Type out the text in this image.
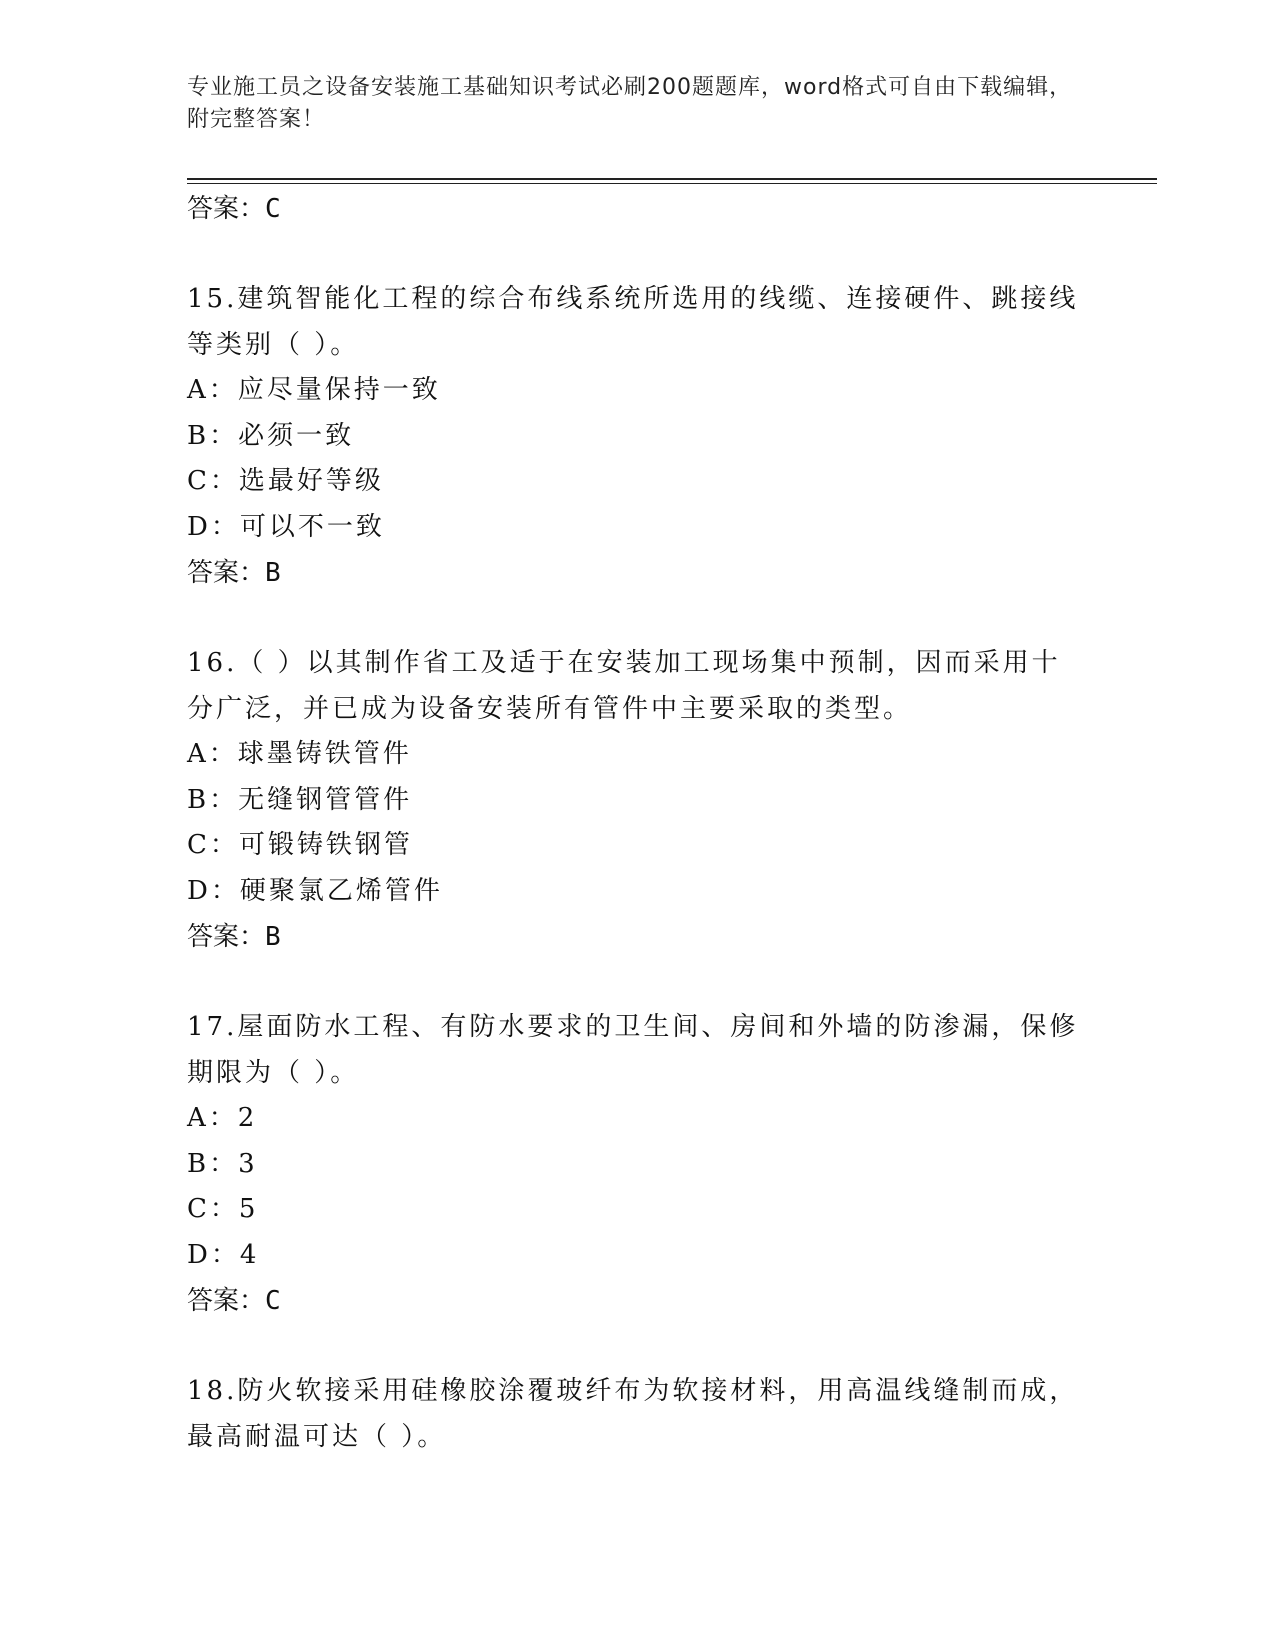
专业施工员之设备安装施工基础知识考试必刷200题题库，word格式可自由下载编辑，附完整答案！

答案：C

15.建筑智能化工程的综合布线系统所选用的线缆、连接硬件、跳接线等类别（ ）。

A：应尽量保持一致

B：必须一致

C：选最好等级

D：可以不一致

答案：B

16.（ ）以其制作省工及适于在安装加工现场集中预制，因而采用十分广泛，并已成为设备安装所有管件中主要采取的类型。

A：球墨铸铁管件

B：无缝钢管管件

C：可锻铸铁钢管

D：硬聚氯乙烯管件

答案：B

17.屋面防水工程、有防水要求的卫生间、房间和外墙的防渗漏，保修期限为（ ）。

A：2

B：3

C：5

D：4

答案：C

18.防火软接采用硅橡胶涂覆玻纤布为软接材料，用高温线缝制而成，最高耐温可达（ ）。
